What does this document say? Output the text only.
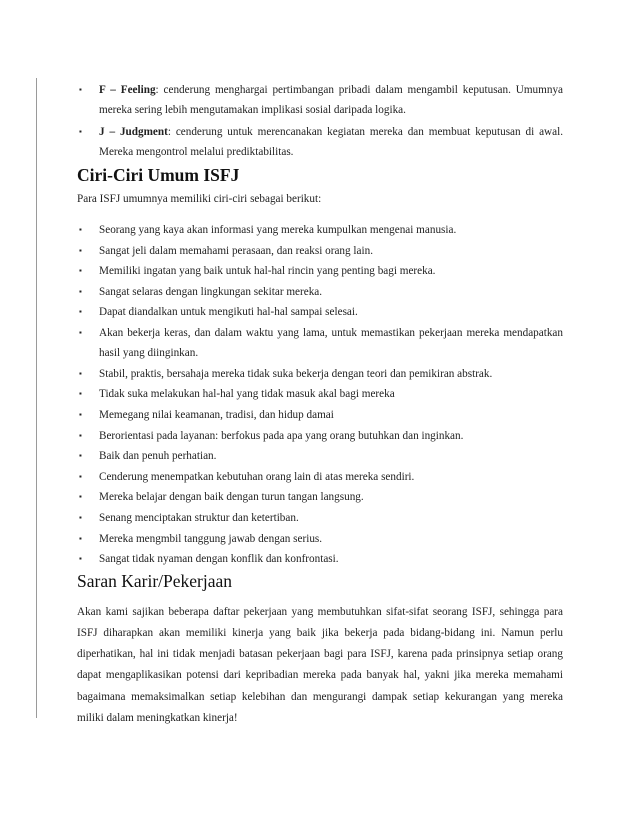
▪ F – Feeling: cenderung menghargai pertimbangan pribadi dalam mengambil keputusan. Umumnya mereka sering lebih mengutamakan implikasi sosial daripada logika.
▪ J – Judgment: cenderung untuk merencanakan kegiatan mereka dan membuat keputusan di awal. Mereka mengontrol melalui prediktabilitas.
Ciri-Ciri Umum ISFJ

Para ISFJ umumnya memiliki ciri-ciri sebagai berikut:

▪ Seorang yang kaya akan informasi yang mereka kumpulkan mengenai manusia.
▪ Sangat jeli dalam memahami perasaan, dan reaksi orang lain.
▪ Memiliki ingatan yang baik untuk hal-hal rincin yang penting bagi mereka.
▪ Sangat selaras dengan lingkungan sekitar mereka.
▪ Dapat diandalkan untuk mengikuti hal-hal sampai selesai.
▪ Akan bekerja keras, dan dalam waktu yang lama, untuk memastikan pekerjaan mereka mendapatkan hasil yang diinginkan.
▪ Stabil, praktis, bersahaja mereka tidak suka bekerja dengan teori dan pemikiran abstrak.
▪ Tidak suka melakukan hal-hal yang tidak masuk akal bagi mereka
▪ Memegang nilai keamanan, tradisi, dan hidup damai
▪ Berorientasi pada layanan: berfokus pada apa yang orang butuhkan dan inginkan.
▪ Baik dan penuh perhatian.
▪ Cenderung menempatkan kebutuhan orang lain di atas mereka sendiri.
▪ Mereka belajar dengan baik dengan turun tangan langsung.
▪ Senang menciptakan struktur dan ketertiban.
▪ Mereka mengmbil tanggung jawab dengan serius.
▪ Sangat tidak nyaman dengan konflik dan konfrontasi.
Saran Karir/Pekerjaan

Akan kami sajikan beberapa daftar pekerjaan yang membutuhkan sifat-sifat seorang ISFJ, sehingga para ISFJ diharapkan akan memiliki kinerja yang baik jika bekerja pada bidang-bidang ini. Namun perlu diperhatikan, hal ini tidak menjadi batasan pekerjaan bagi para ISFJ, karena pada prinsipnya setiap orang dapat mengaplikasikan potensi dari kepribadian mereka pada banyak hal, yakni jika mereka memahami bagaimana memaksimalkan setiap kelebihan dan mengurangi dampak setiap kekurangan yang mereka miliki dalam meningkatkan kinerja!
